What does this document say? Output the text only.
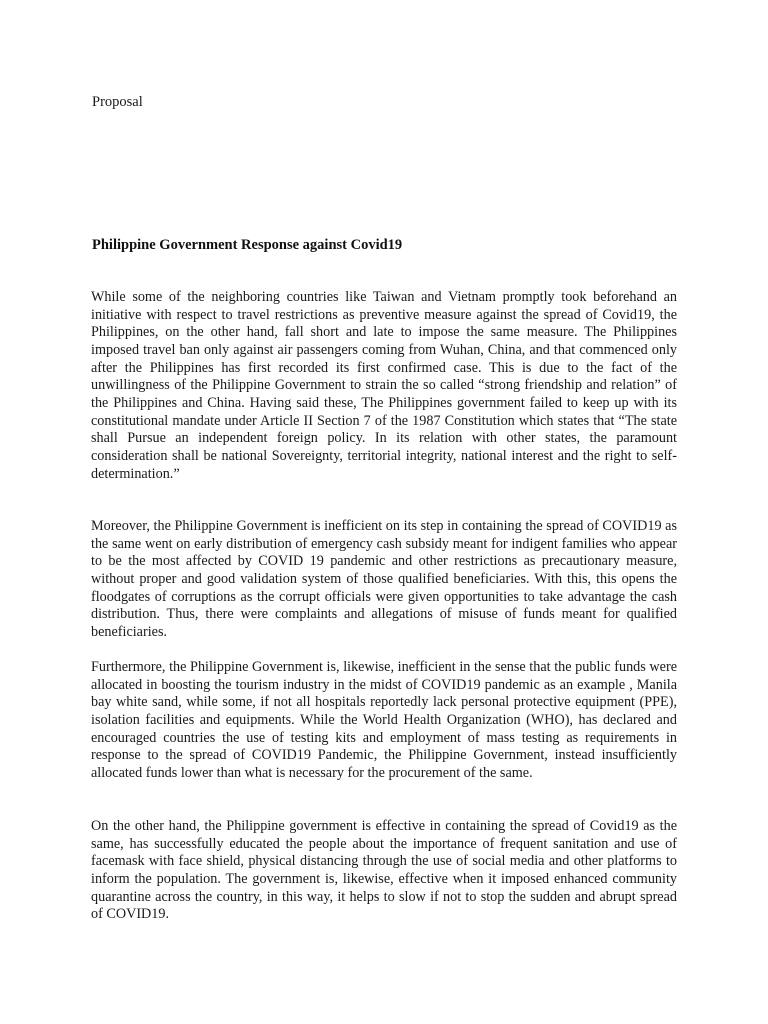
Proposal
Philippine Government Response against Covid19

While some of the neighboring countries like Taiwan and Vietnam promptly took beforehand an initiative with respect to travel restrictions as preventive measure against the spread of Covid19, the Philippines, on the other hand, fall short and late to impose the same measure. The Philippines imposed travel ban only against air passengers coming from Wuhan, China, and that commenced only after the Philippines has first recorded its first confirmed case. This is due to the fact of the unwillingness of the Philippine Government to strain the so called “strong friendship and relation” of the Philippines and China. Having said these, The Philippines government failed to keep up with its constitutional mandate under Article II Section 7 of the 1987 Constitution which states that “The state shall Pursue an independent foreign policy. In its relation with other states, the paramount consideration shall be national Sovereignty, territorial integrity, national interest and the right to self-determination.”

Moreover, the Philippine Government is inefficient on its step in containing the spread of COVID19 as the same went on early distribution of emergency cash subsidy meant for indigent families who appear to be the most affected by COVID 19 pandemic and other restrictions as precautionary measure, without proper and good validation system of those qualified beneficiaries. With this, this opens the floodgates of corruptions as the corrupt officials were given opportunities to take advantage the cash distribution. Thus, there were complaints and allegations of misuse of funds meant for qualified beneficiaries.

Furthermore, the Philippine Government is, likewise, inefficient in the sense that the public funds were allocated in boosting the tourism industry in the midst of COVID19 pandemic as an example , Manila bay white sand, while some, if not all hospitals reportedly lack personal protective equipment (PPE), isolation facilities and equipments. While the World Health Organization (WHO), has declared and encouraged countries the use of testing kits and employment of mass testing as requirements in response to the spread of COVID19 Pandemic, the Philippine Government, instead insufficiently allocated funds lower than what is necessary for the procurement of the same.

On the other hand, the Philippine government is effective in containing the spread of Covid19 as the same, has successfully educated the people about the importance of frequent sanitation and use of facemask with face shield, physical distancing through the use of social media and other platforms to inform the population. The government is, likewise, effective when it imposed enhanced community quarantine across the country, in this way, it helps to slow if not to stop the sudden and abrupt spread of COVID19.
